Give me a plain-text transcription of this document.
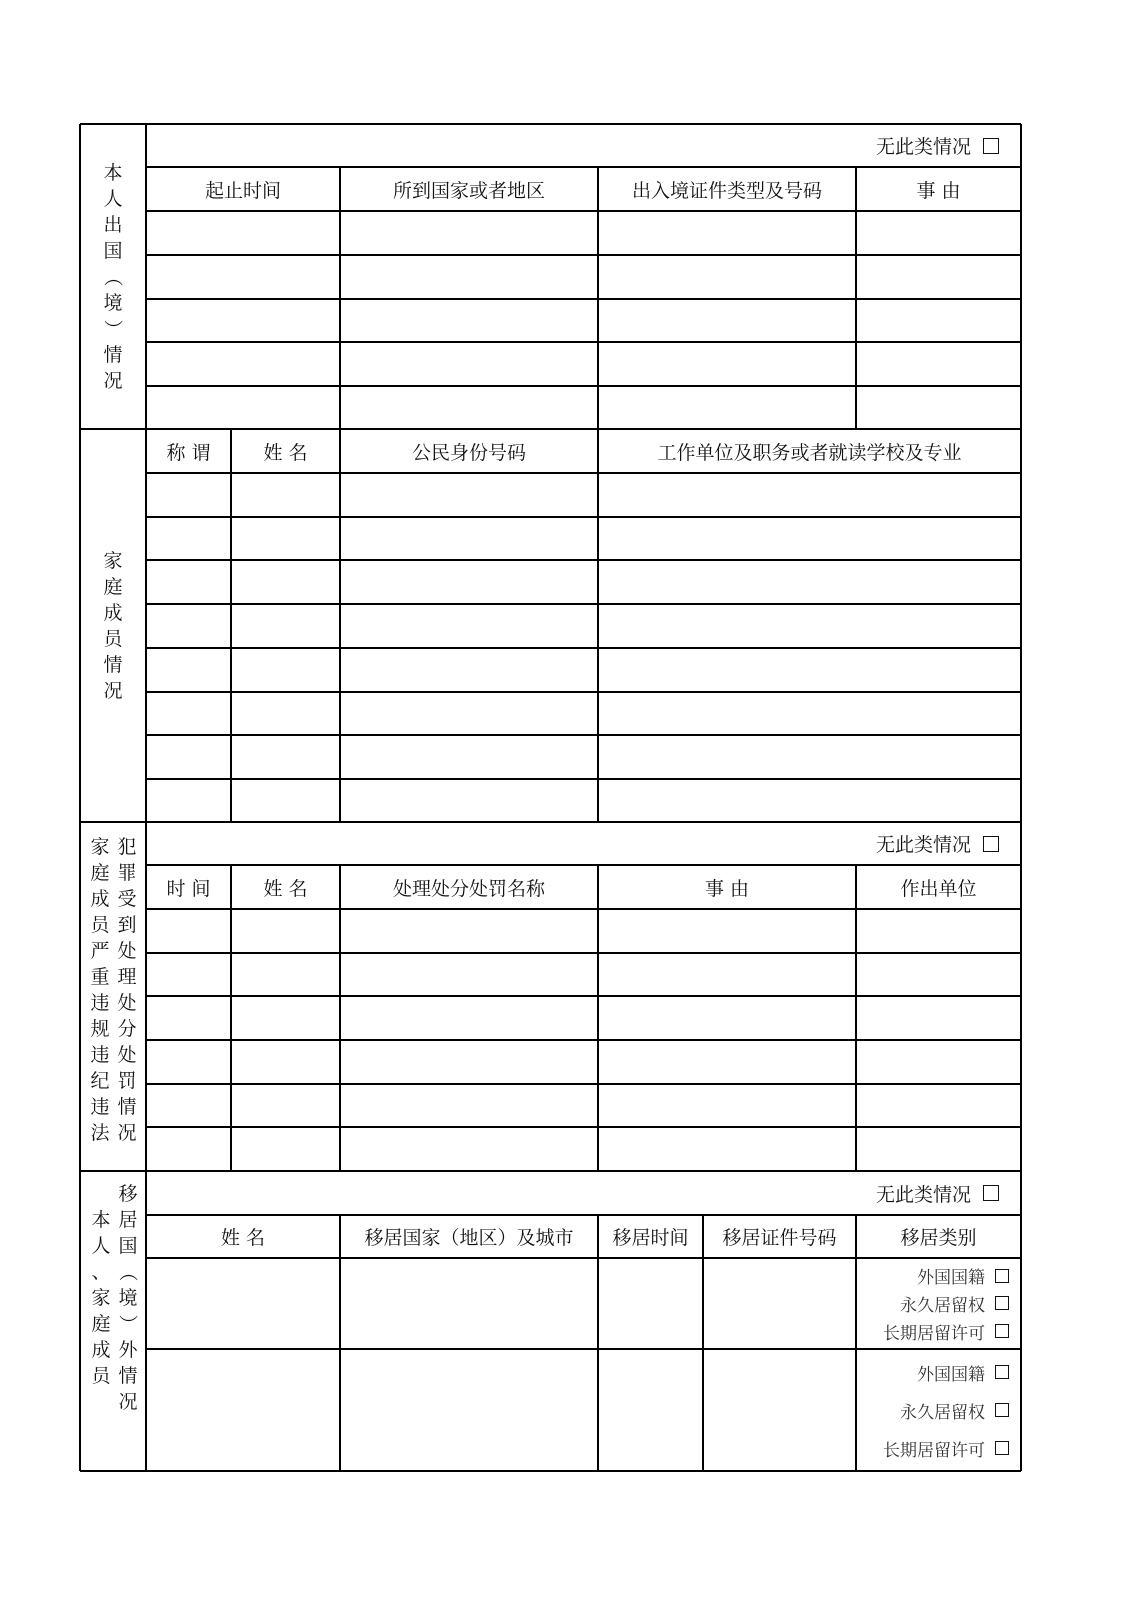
无此类情况
起止时间	所到国家或者地区	出入境证件类型及号码	事 由
本
人
出
国
（
境
）
情
况
称 谓	姓 名	公民身份号码	工作单位及职务或者就读学校及专业
家
庭
成
员
情
况
无此类情况
时 间	姓 名	处理处分处罚名称	事 由	作出单位
家
庭
成
员
严
重
违
规
违
纪
违
法
犯
罪
受
到
处
理
处
分
处
罚
情
况
无此类情况
姓 名	移居国家（地区）及城市	移居时间	移居证件号码	移居类别
外国国籍
永久居留权
长期居留许可
外国国籍
永久居留权
长期居留许可
本
人
、
家
庭
成
员
移
居
国
（
境
）
外
情
况
